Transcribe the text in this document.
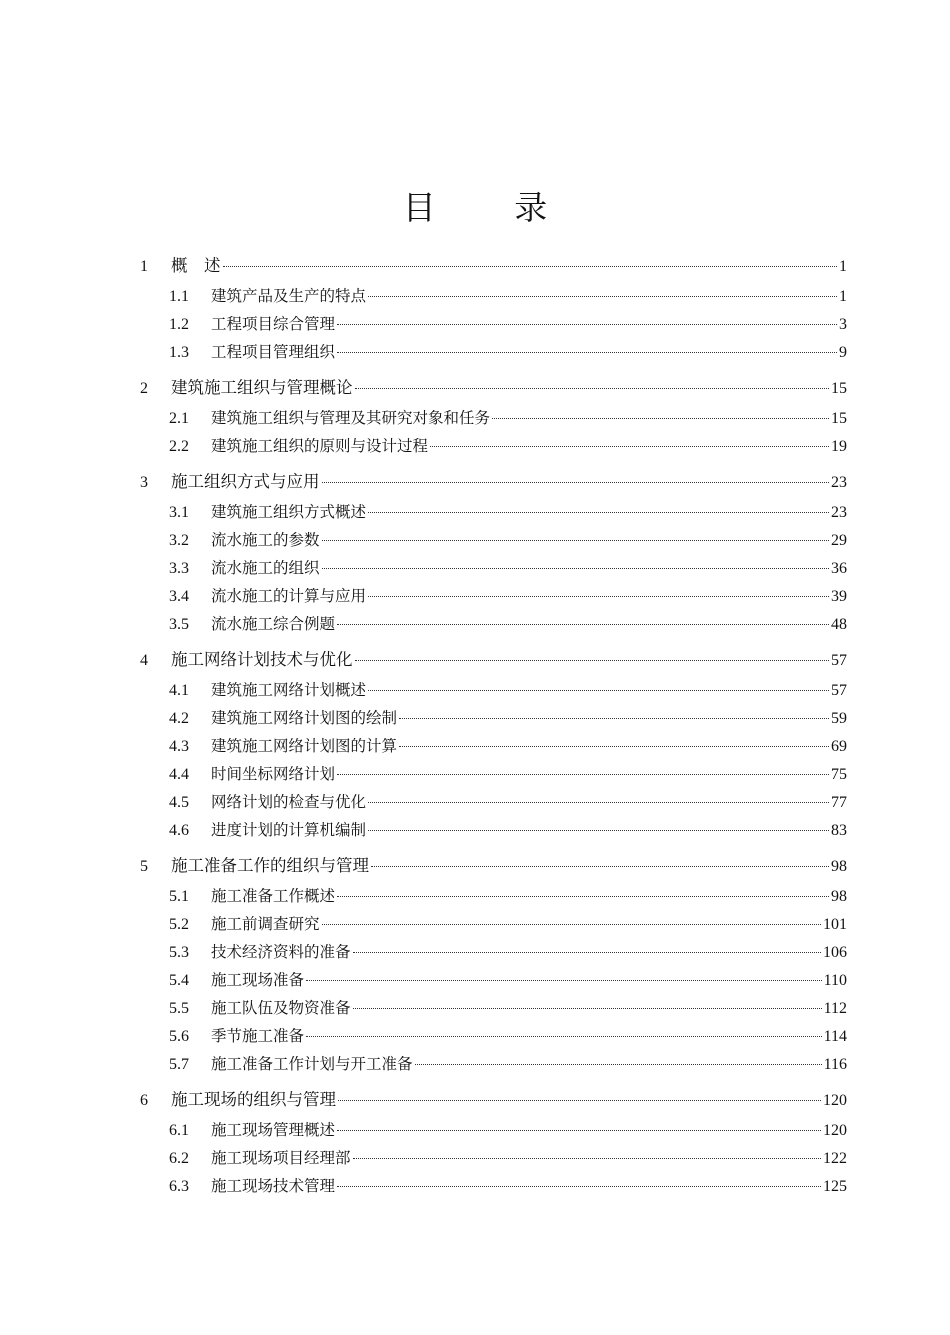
目 录
1	概　述	1
1.1	建筑产品及生产的特点	1
1.2	工程项目综合管理	3
1.3	工程项目管理组织	9
2	建筑施工组织与管理概论	15
2.1	建筑施工组织与管理及其研究对象和任务	15
2.2	建筑施工组织的原则与设计过程	19
3	施工组织方式与应用	23
3.1	建筑施工组织方式概述	23
3.2	流水施工的参数	29
3.3	流水施工的组织	36
3.4	流水施工的计算与应用	39
3.5	流水施工综合例题	48
4	施工网络计划技术与优化	57
4.1	建筑施工网络计划概述	57
4.2	建筑施工网络计划图的绘制	59
4.3	建筑施工网络计划图的计算	69
4.4	时间坐标网络计划	75
4.5	网络计划的检查与优化	77
4.6	进度计划的计算机编制	83
5	施工准备工作的组织与管理	98
5.1	施工准备工作概述	98
5.2	施工前调查研究	101
5.3	技术经济资料的准备	106
5.4	施工现场准备	110
5.5	施工队伍及物资准备	112
5.6	季节施工准备	114
5.7	施工准备工作计划与开工准备	116
6	施工现场的组织与管理	120
6.1	施工现场管理概述	120
6.2	施工现场项目经理部	122
6.3	施工现场技术管理	125
